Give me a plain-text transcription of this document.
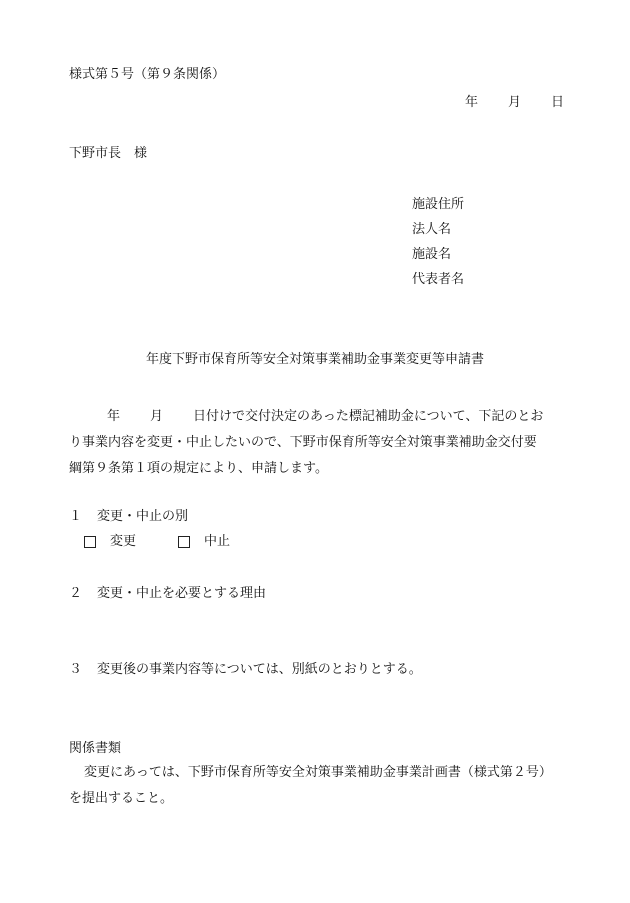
様式第５号（第９条関係）
年 月 日
下野市長 様
施設住所
法人名
施設名
代表者名
年度下野市保育所等安全対策事業補助金事業変更等申請書

年 月 日付けで交付決定のあった標記補助金について、下記のとお

り事業内容を変更・中止したいので、下野市保育所等安全対策事業補助金交付要

綱第９条第１項の規定により、申請します。

１ 変更・中止の別
変更	中止
２ 変更・中止を必要とする理由
３ 変更後の事業内容等については、別紙のとおりとする。
関係書類

変更にあっては、下野市保育所等安全対策事業補助金事業計画書（様式第２号）

を提出すること。
